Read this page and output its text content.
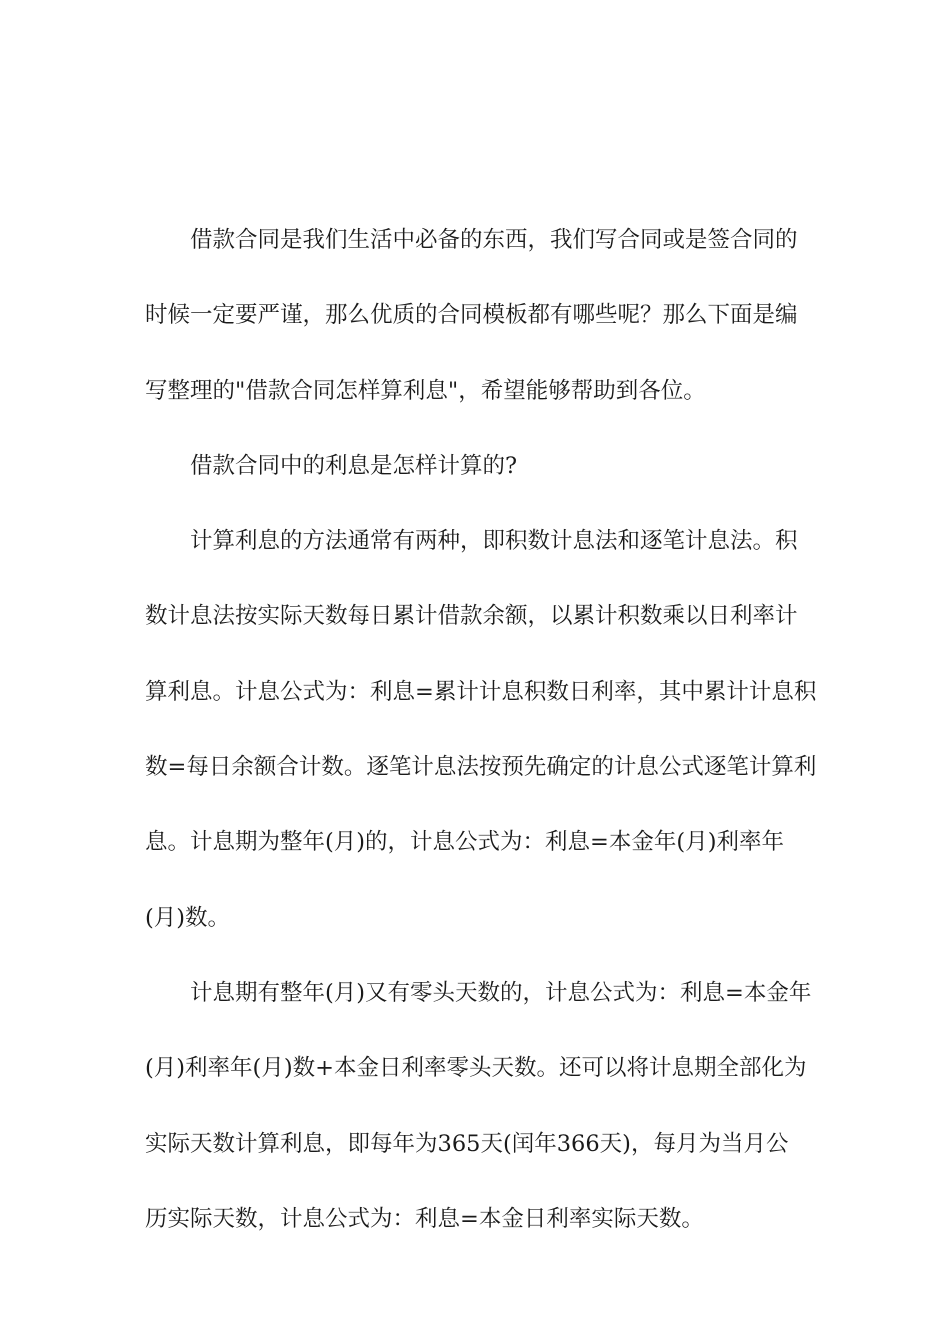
借款合同是我们生活中必备的东西，我们写合同或是签合同的
时候一定要严谨，那么优质的合同模板都有哪些呢？那么下面是编
写整理的"借款合同怎样算利息"，希望能够帮助到各位。

借款合同中的利息是怎样计算的?

计算利息的方法通常有两种，即积数计息法和逐笔计息法。积
数计息法按实际天数每日累计借款余额，以累计积数乘以日利率计
算利息。计息公式为：利息=累计计息积数日利率，其中累计计息积
数=每日余额合计数。逐笔计息法按预先确定的计息公式逐笔计算利
息。计息期为整年(月)的，计息公式为：利息=本金年(月)利率年
(月)数。

计息期有整年(月)又有零头天数的，计息公式为：利息=本金年
(月)利率年(月)数+本金日利率零头天数。还可以将计息期全部化为
实际天数计算利息，即每年为365天(闰年366天)，每月为当月公
历实际天数，计息公式为：利息=本金日利率实际天数。
